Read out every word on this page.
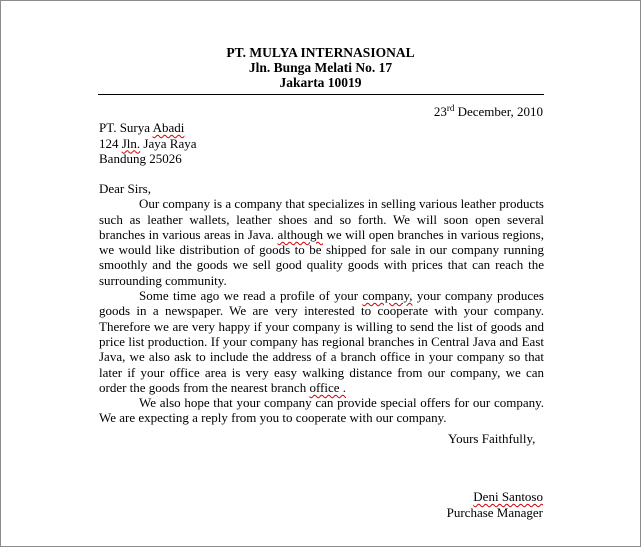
PT. MULYA INTERNASIONAL
Jln. Bunga Melati No. 17
Jakarta 10019
23rd December, 2010
PT. Surya Abadi
124 Jln. Jaya Raya
Bandung 25026
Dear Sirs,

Our company is a company that specializes in selling various leather products such as leather wallets, leather shoes and so forth. We will soon open several branches in various areas in Java. although we will open branches in various regions, we would like distribution of goods to be shipped for sale in our company running smoothly and the goods we sell good quality goods with prices that can reach the surrounding community.

Some time ago we read a profile of your company, your company produces goods in a newspaper. We are very interested to cooperate with your company. Therefore we are very happy if your company is willing to send the list of goods and price list production. If your company has regional branches in Central Java and East Java, we also ask to include the address of a branch office in your company so that later if your office area is very easy walking distance from our company, we can order the goods from the nearest branch office .

We also hope that your company can provide special offers for our company. We are expecting a reply from you to cooperate with our company.

Yours Faithfully,
Deni Santoso
Purchase Manager
